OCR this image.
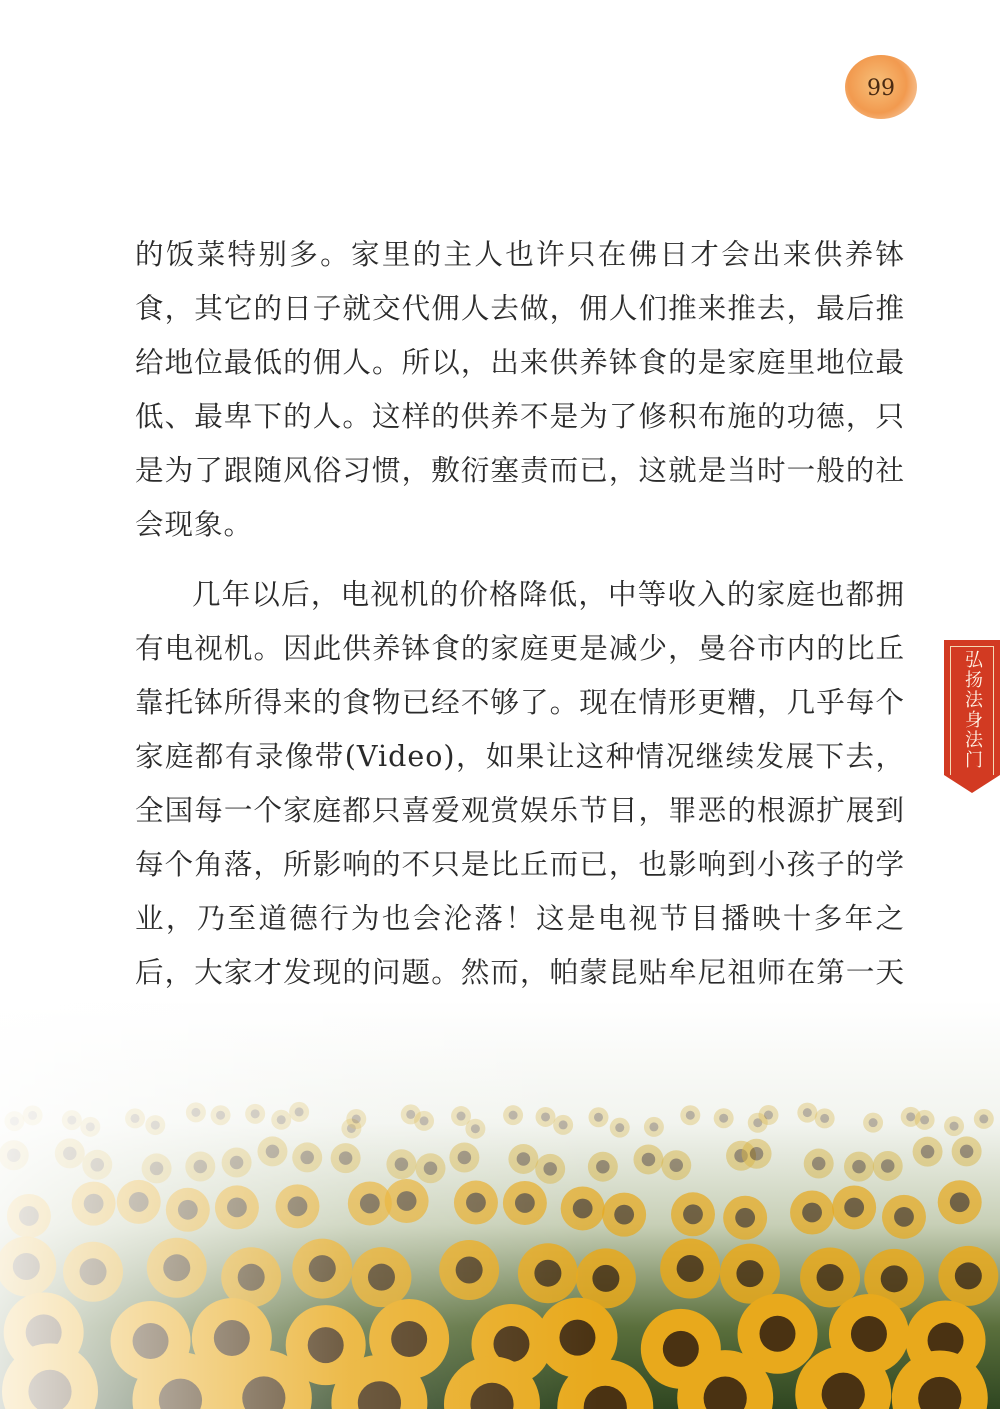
99
弘扬法身法门

的饭菜特别多。家里的主人也许只在佛日才会出来供养钵食，其它的日子就交代佣人去做，佣人们推来推去，最后推给地位最低的佣人。所以，出来供养钵食的是家庭里地位最低、最卑下的人。这样的供养不是为了修积布施的功德，只是为了跟随风俗习惯，敷衍塞责而已，这就是当时一般的社会现象。

几年以后，电视机的价格降低，中等收入的家庭也都拥有电视机。因此供养钵食的家庭更是减少，曼谷市内的比丘靠托钵所得来的食物已经不够了。现在情形更糟，几乎每个家庭都有录像带(Video)，如果让这种情况继续发展下去，全国每一个家庭都只喜爱观赏娱乐节目，罪恶的根源扩展到每个角落，所影响的不只是比丘而已，也影响到小孩子的学业，乃至道德行为也会沦落！这是电视节目播映十多年之后，大家才发现的问题。然而，帕蒙昆贴牟尼祖师在第一天
